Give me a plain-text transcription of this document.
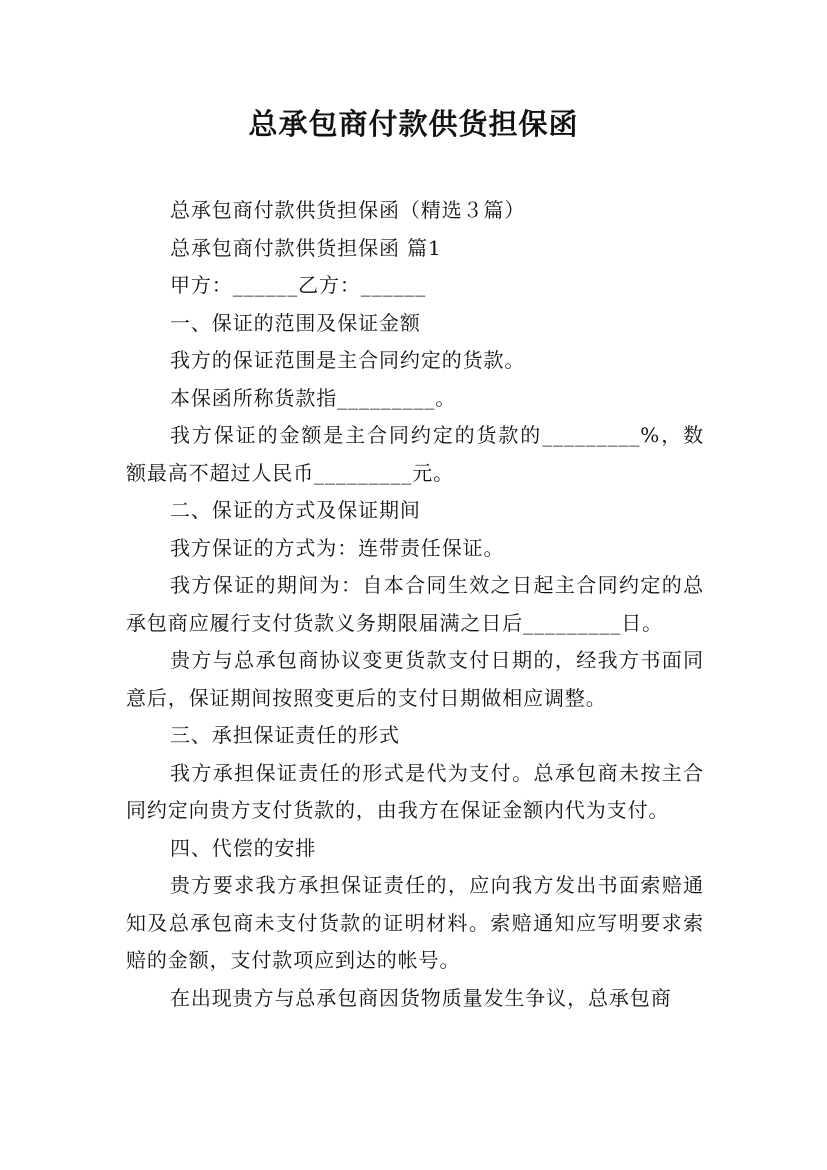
总承包商付款供货担保函

总承包商付款供货担保函（精选３篇）

总承包商付款供货担保函 篇1

甲方：______乙方：______

一、保证的范围及保证金额

我方的保证范围是主合同约定的货款。

本保函所称货款指_________。

我方保证的金额是主合同约定的货款的_________%，数额最高不超过人民币_________元。

二、保证的方式及保证期间

我方保证的方式为：连带责任保证。

我方保证的期间为：自本合同生效之日起主合同约定的总承包商应履行支付货款义务期限届满之日后_________日。

贵方与总承包商协议变更货款支付日期的，经我方书面同意后，保证期间按照变更后的支付日期做相应调整。

三、承担保证责任的形式

我方承担保证责任的形式是代为支付。总承包商未按主合同约定向贵方支付货款的，由我方在保证金额内代为支付。

四、代偿的安排

贵方要求我方承担保证责任的，应向我方发出书面索赔通知及总承包商未支付货款的证明材料。索赔通知应写明要求索赔的金额，支付款项应到达的帐号。

在出现贵方与总承包商因货物质量发生争议，总承包商
